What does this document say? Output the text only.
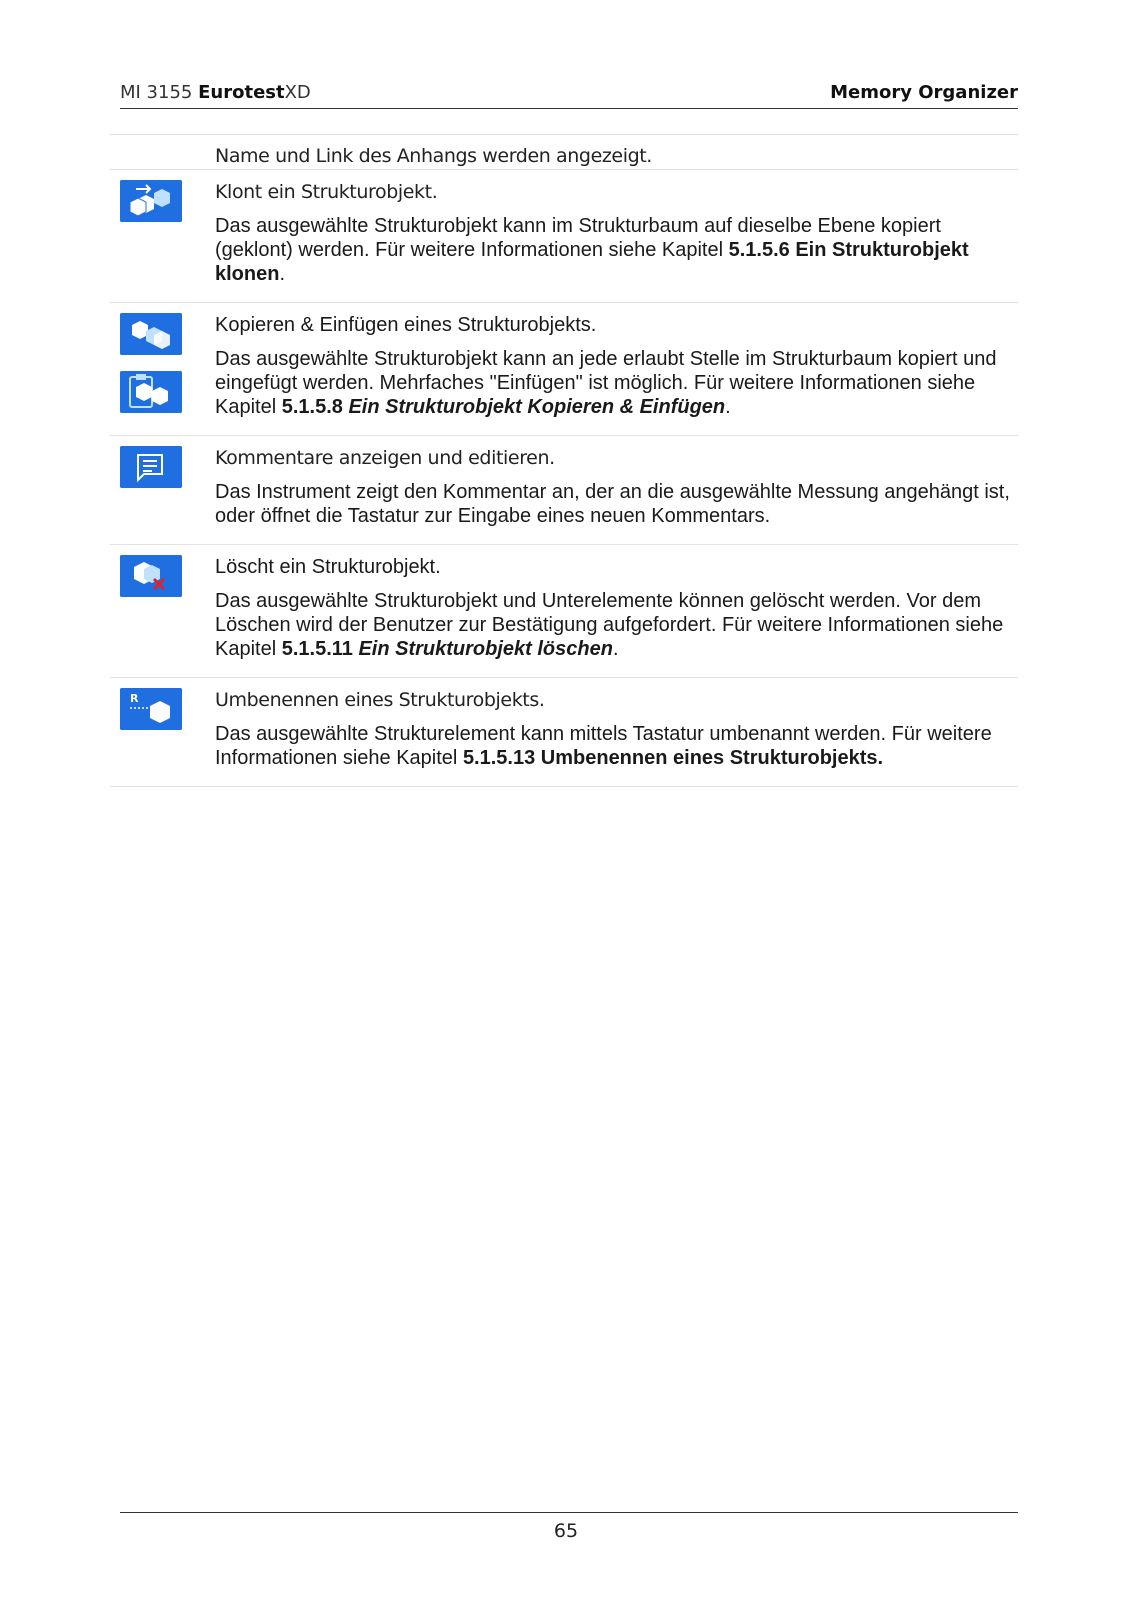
MI 3155 EurotestXD	Memory Organizer

Name und Link des Anhangs werden angezeigt.

Klont ein Strukturobjekt.

Das ausgewählte Strukturobjekt kann im Strukturbaum auf dieselbe Ebene kopiert (geklont) werden. Für weitere Informationen siehe Kapitel 5.1.5.6 Ein Strukturobjekt klonen.

Kopieren & Einfügen eines Strukturobjekts.

Das ausgewählte Strukturobjekt kann an jede erlaubt Stelle im Strukturbaum kopiert und eingefügt werden. Mehrfaches "Einfügen" ist möglich. Für weitere Informationen siehe Kapitel 5.1.5.8 Ein Strukturobjekt Kopieren & Einfügen.

Kommentare anzeigen und editieren.

Das Instrument zeigt den Kommentar an, der an die ausgewählte Messung angehängt ist, oder öffnet die Tastatur zur Eingabe eines neuen Kommentars.

Löscht ein Strukturobjekt.

Das ausgewählte Strukturobjekt und Unterelemente können gelöscht werden. Vor dem Löschen wird der Benutzer zur Bestätigung aufgefordert. Für weitere Informationen siehe Kapitel 5.1.5.11 Ein Strukturobjekt löschen.

R	Umbenennen eines Strukturobjekts.

Das ausgewählte Strukturelement kann mittels Tastatur umbenannt werden. Für weitere Informationen siehe Kapitel 5.1.5.13 Umbenennen eines Strukturobjekts.

65
